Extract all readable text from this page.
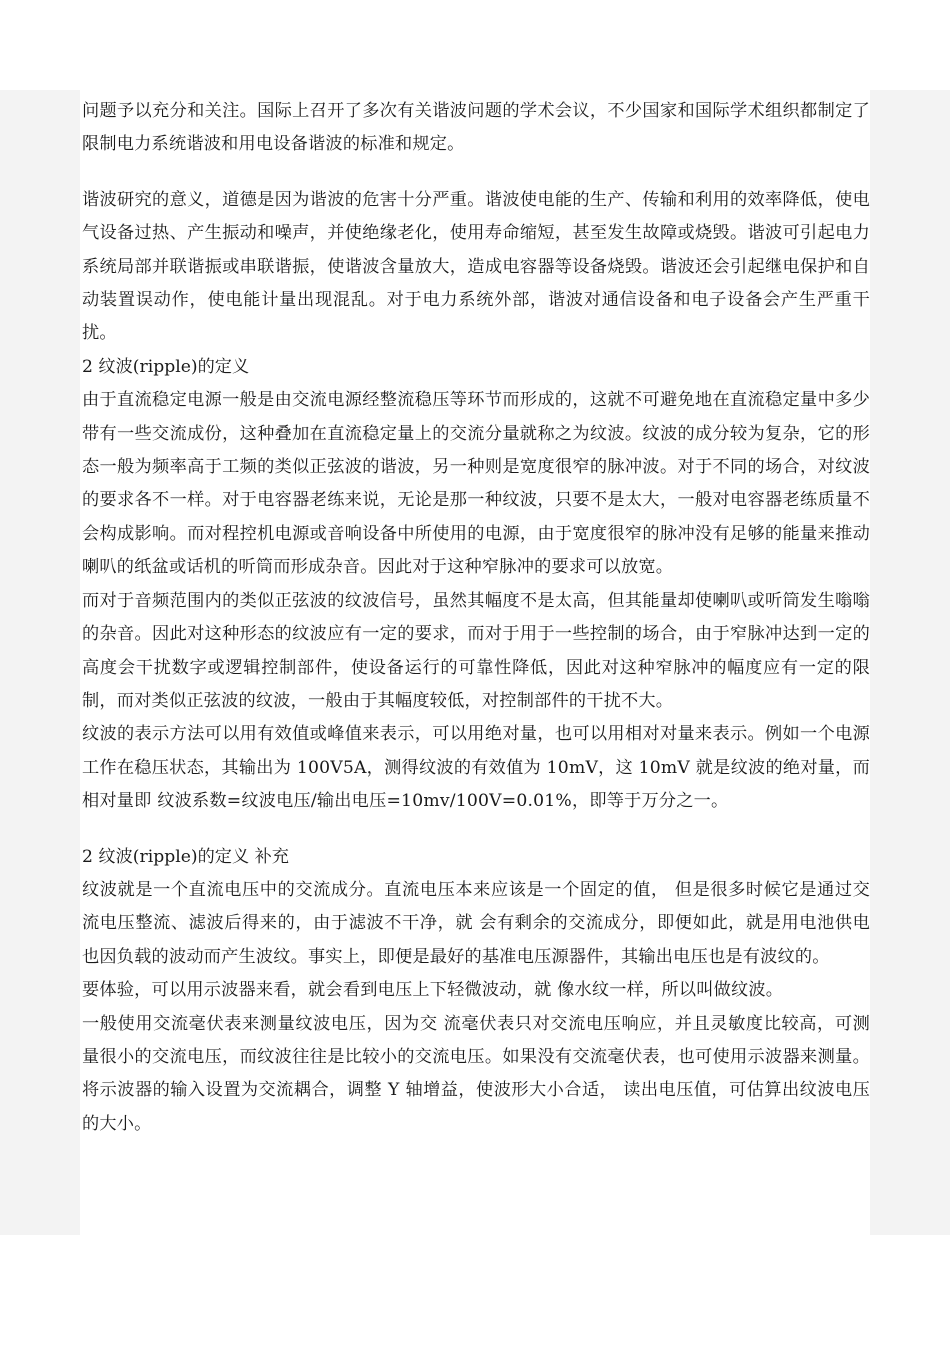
问题予以充分和关注。国际上召开了多次有关谐波问题的学术会议，不少国家和国际学术组织都制定了限制电力系统谐波和用电设备谐波的标准和规定。

谐波研究的意义，道德是因为谐波的危害十分严重。谐波使电能的生产、传输和利用的效率降低，使电气设备过热、产生振动和噪声，并使绝缘老化，使用寿命缩短，甚至发生故障或烧毁。谐波可引起电力系统局部并联谐振或串联谐振，使谐波含量放大，造成电容器等设备烧毁。谐波还会引起继电保护和自动装置误动作，使电能计量出现混乱。对于电力系统外部，谐波对通信设备和电子设备会产生严重干扰。

2 纹波(ripple)的定义

由于直流稳定电源一般是由交流电源经整流稳压等环节而形成的，这就不可避免地在直流稳定量中多少带有一些交流成份，这种叠加在直流稳定量上的交流分量就称之为纹波。纹波的成分较为复杂，它的形态一般为频率高于工频的类似正弦波的谐波，另一种则是宽度很窄的脉冲波。对于不同的场合，对纹波的要求各不一样。对于电容器老练来说，无论是那一种纹波，只要不是太大，一般对电容器老练质量不会构成影响。而对程控机电源或音响设备中所使用的电源，由于宽度很窄的脉冲没有足够的能量来推动喇叭的纸盆或话机的听筒而形成杂音。因此对于这种窄脉冲的要求可以放宽。

而对于音频范围内的类似正弦波的纹波信号，虽然其幅度不是太高，但其能量却使喇叭或听筒发生嗡嗡的杂音。因此对这种形态的纹波应有一定的要求，而对于用于一些控制的场合，由于窄脉冲达到一定的高度会干扰数字或逻辑控制部件，使设备运行的可靠性降低，因此对这种窄脉冲的幅度应有一定的限制，而对类似正弦波的纹波，一般由于其幅度较低，对控制部件的干扰不大。

纹波的表示方法可以用有效值或峰值来表示，可以用绝对量，也可以用相对对量来表示。例如一个电源工作在稳压状态，其输出为 100V5A，测得纹波的有效值为 10mV，这 10mV 就是纹波的绝对量，而相对量即 纹波系数=纹波电压/输出电压=10mv/100V=0.01%，即等于万分之一。

2 纹波(ripple)的定义 补充

纹波就是一个直流电压中的交流成分。直流电压本来应该是一个固定的值， 但是很多时候它是通过交流电压整流、滤波后得来的，由于滤波不干净，就 会有剩余的交流成分，即便如此，就是用电池供电也因负载的波动而产生波纹。事实上，即便是最好的基准电压源器件，其输出电压也是有波纹的。

要体验，可以用示波器来看，就会看到电压上下轻微波动，就 像水纹一样，所以叫做纹波。

一般使用交流毫伏表来测量纹波电压，因为交 流毫伏表只对交流电压响应，并且灵敏度比较高，可测量很小的交流电压，而纹波往往是比较小的交流电压。如果没有交流毫伏表，也可使用示波器来测量。将示波器的输入设置为交流耦合，调整 Y 轴增益，使波形大小合适， 读出电压值，可估算出纹波电压的大小。
